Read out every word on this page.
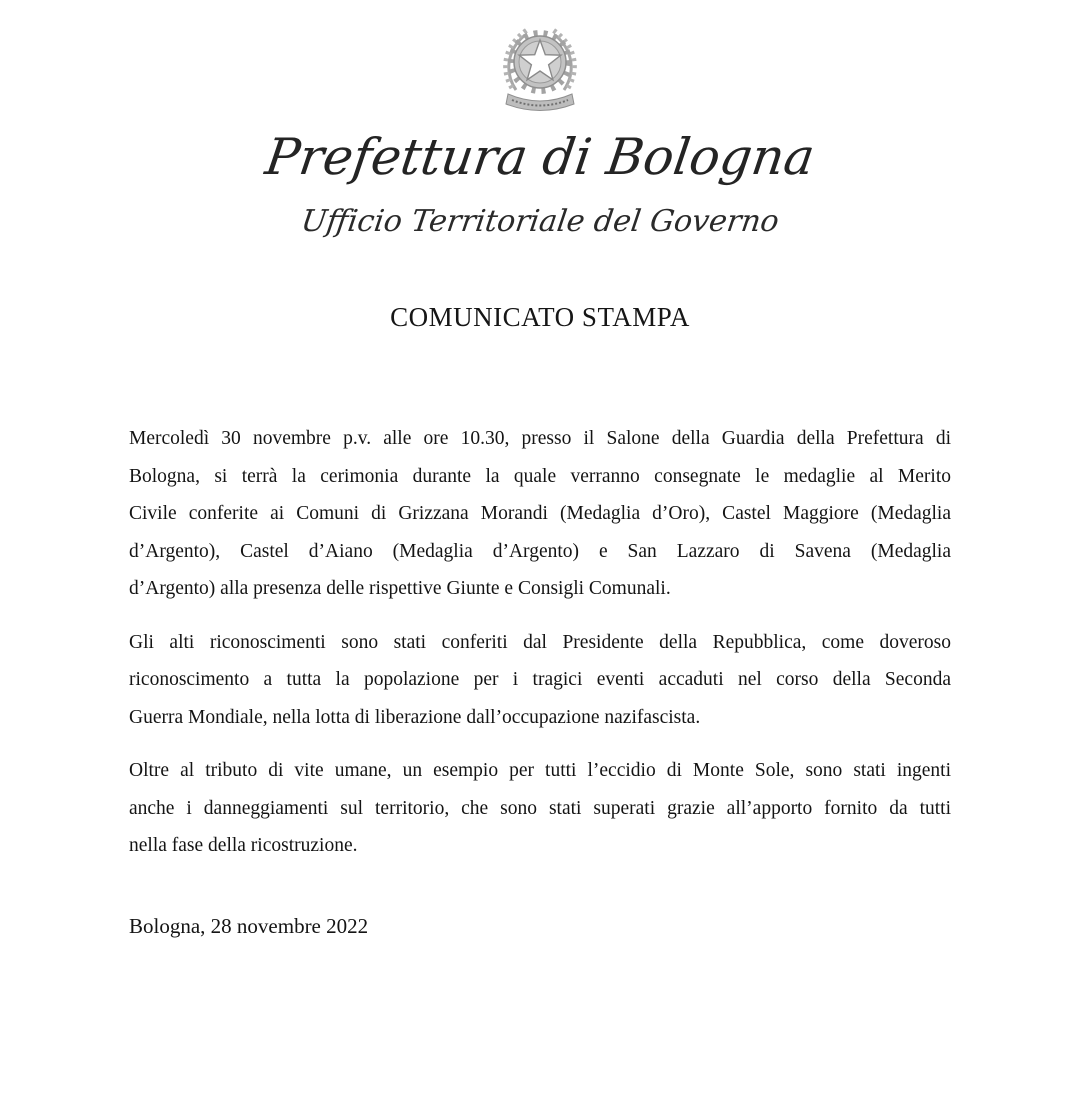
Prefettura di Bologna
Ufficio Territoriale del Governo
COMUNICATO STAMPA
Mercoledì 30 novembre p.v. alle ore 10.30, presso il Salone della Guardia della Prefettura di
Bologna, si terrà la cerimonia durante la quale verranno consegnate le medaglie al Merito
Civile conferite ai Comuni di Grizzana Morandi (Medaglia d’Oro), Castel Maggiore (Medaglia
d’Argento), Castel d’Aiano (Medaglia d’Argento) e San Lazzaro di Savena (Medaglia
d’Argento) alla presenza delle rispettive Giunte e Consigli Comunali.
Gli alti riconoscimenti sono stati conferiti dal Presidente della Repubblica, come doveroso
riconoscimento a tutta la popolazione per i tragici eventi accaduti nel corso della Seconda
Guerra Mondiale, nella lotta di liberazione dall’occupazione nazifascista.
Oltre al tributo di vite umane, un esempio per tutti l’eccidio di Monte Sole, sono stati ingenti
anche i danneggiamenti sul territorio, che sono stati superati grazie all’apporto fornito da tutti
nella fase della ricostruzione.
Bologna, 28 novembre 2022
